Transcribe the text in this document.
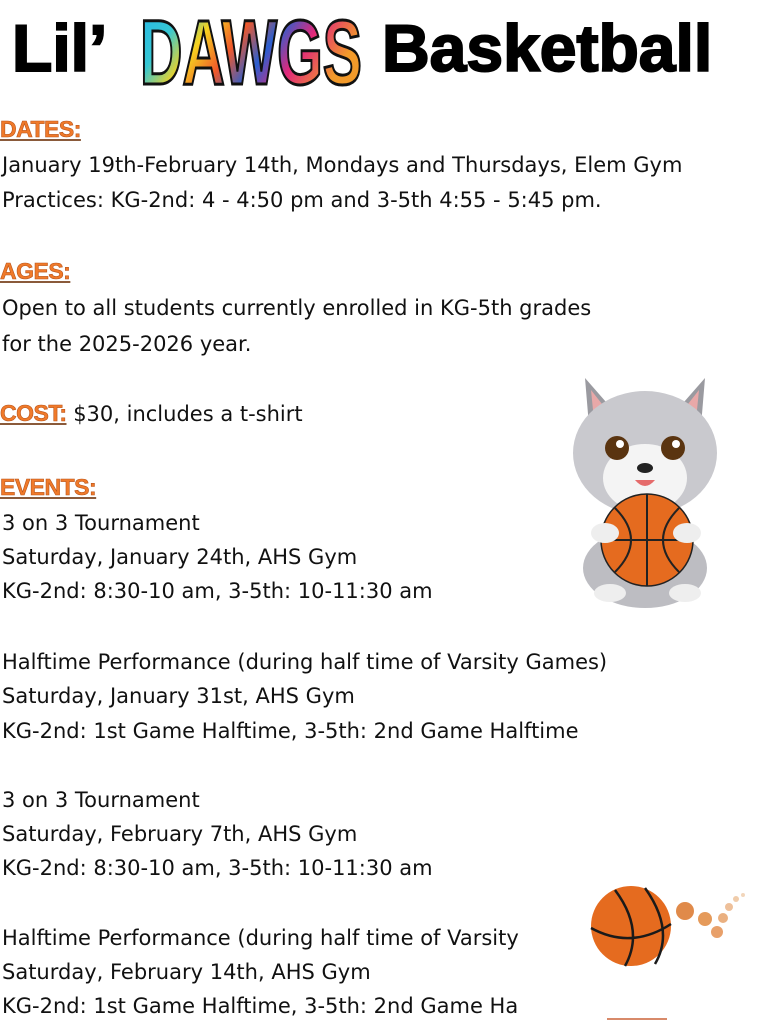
Lil’ DAWGS Basketball
DATES:
January 19th-February 14th, Mondays and Thursdays, Elem Gym
Practices: KG-2nd: 4 - 4:50 pm and 3-5th 4:55 - 5:45 pm.
AGES:
Open to all students currently enrolled in KG-5th grades
for the 2025-2026 year.
COST: $30, includes a t-shirt
EVENTS:
3 on 3 Tournament
Saturday, January 24th, AHS Gym
KG-2nd: 8:30-10 am, 3-5th: 10-11:30 am
Halftime Performance (during half time of Varsity Games)
Saturday, January 31st, AHS Gym
KG-2nd: 1st Game Halftime, 3-5th: 2nd Game Halftime
3 on 3 Tournament
Saturday, February 7th, AHS Gym
KG-2nd: 8:30-10 am, 3-5th: 10-11:30 am
Halftime Performance (during half time of Varsity
Saturday, February 14th, AHS Gym
KG-2nd: 1st Game Halftime, 3-5th: 2nd Game Ha
